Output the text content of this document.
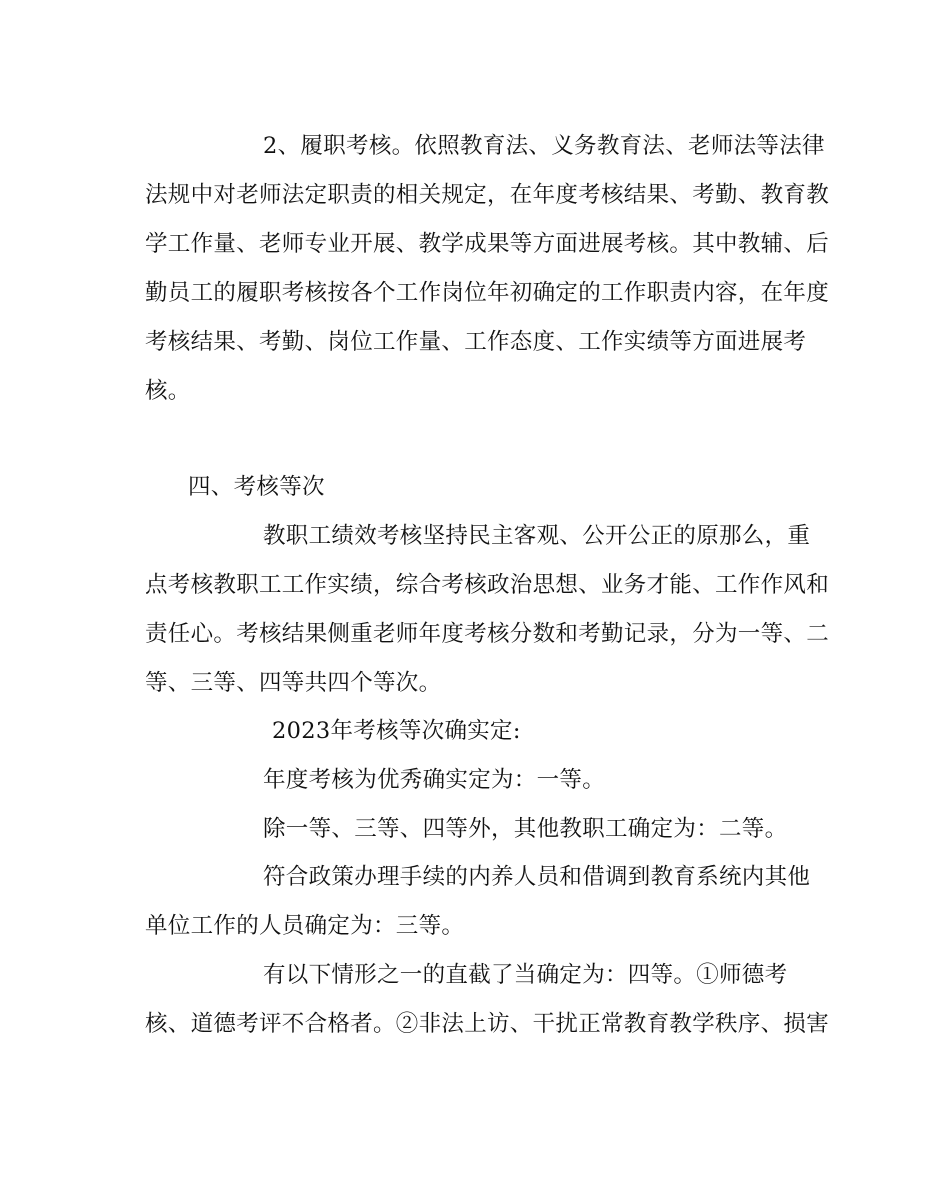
2、履职考核。依照教育法、义务教育法、老师法等法律
法规中对老师法定职责的相关规定，在年度考核结果、考勤、教育教
学工作量、老师专业开展、教学成果等方面进展考核。其中教辅、后
勤员工的履职考核按各个工作岗位年初确定的工作职责内容，在年度
考核结果、考勤、岗位工作量、工作态度、工作实绩等方面进展考
核。
四、考核等次
教职工绩效考核坚持民主客观、公开公正的原那么，重
点考核教职工工作实绩，综合考核政治思想、业务才能、工作作风和
责任心。考核结果侧重老师年度考核分数和考勤记录，分为一等、二
等、三等、四等共四个等次。
2023年考核等次确实定:
年度考核为优秀确实定为：一等。
除一等、三等、四等外，其他教职工确定为：二等。
符合政策办理手续的内养人员和借调到教育系统内其他
单位工作的人员确定为：三等。
有以下情形之一的直截了当确定为：四等。①师德考
核、道德考评不合格者。②非法上访、干扰正常教育教学秩序、损害
